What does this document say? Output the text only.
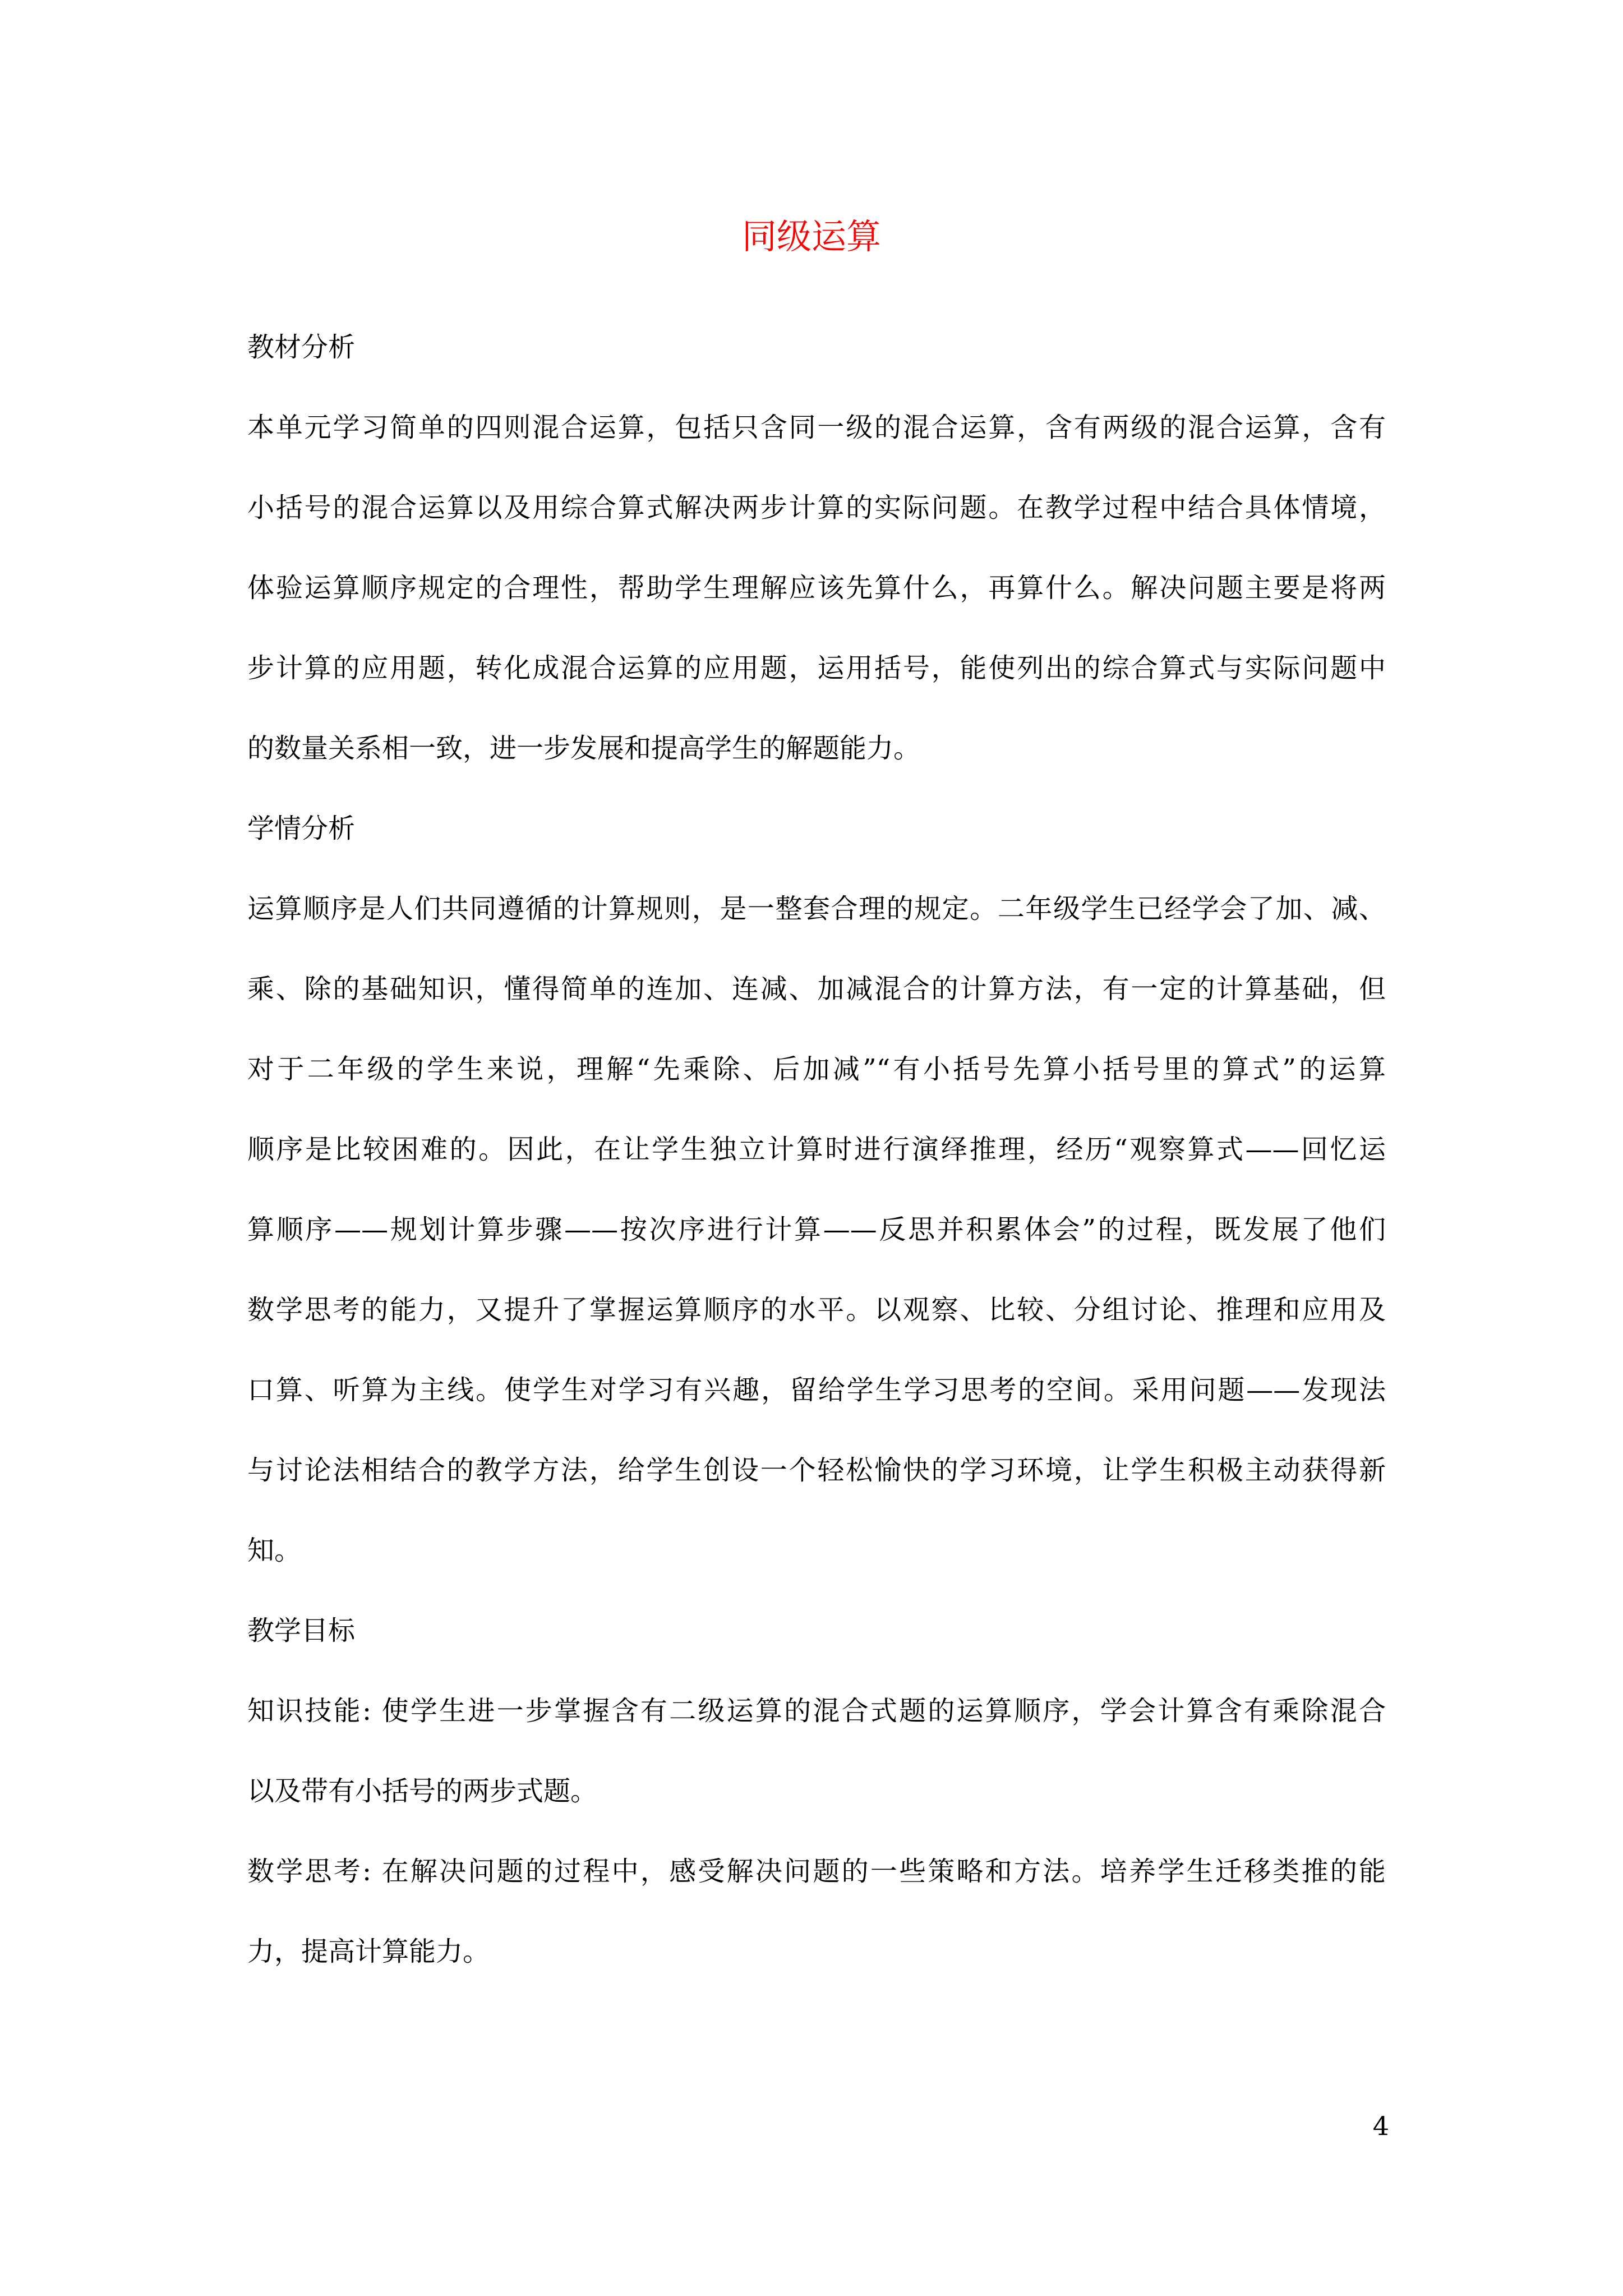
同级运算

教材分析

本单元学习简单的四则混合运算，包括只含同一级的混合运算，含有两级的混合运算，含有

小括号的混合运算以及用综合算式解决两步计算的实际问题。在教学过程中结合具体情境，

体验运算顺序规定的合理性，帮助学生理解应该先算什么，再算什么。解决问题主要是将两

步计算的应用题，转化成混合运算的应用题，运用括号，能使列出的综合算式与实际问题中

的数量关系相一致，进一步发展和提高学生的解题能力。

学情分析

运算顺序是人们共同遵循的计算规则，是一整套合理的规定。二年级学生已经学会了加、减、

乘、除的基础知识，懂得简单的连加、连减、加减混合的计算方法，有一定的计算基础，但

对于二年级的学生来说，理解“先乘除、后加减”“有小括号先算小括号里的算式”的运算

顺序是比较困难的。因此，在让学生独立计算时进行演绎推理，经历“观察算式——回忆运

算顺序——规划计算步骤——按次序进行计算——反思并积累体会”的过程，既发展了他们

数学思考的能力，又提升了掌握运算顺序的水平。以观察、比较、分组讨论、推理和应用及

口算、听算为主线。使学生对学习有兴趣，留给学生学习思考的空间。采用问题——发现法

与讨论法相结合的教学方法，给学生创设一个轻松愉快的学习环境，让学生积极主动获得新

知。

教学目标

知识技能: 使学生进一步掌握含有二级运算的混合式题的运算顺序，学会计算含有乘除混合

以及带有小括号的两步式题。

数学思考: 在解决问题的过程中，感受解决问题的一些策略和方法。培养学生迁移类推的能

力，提高计算能力。

4
